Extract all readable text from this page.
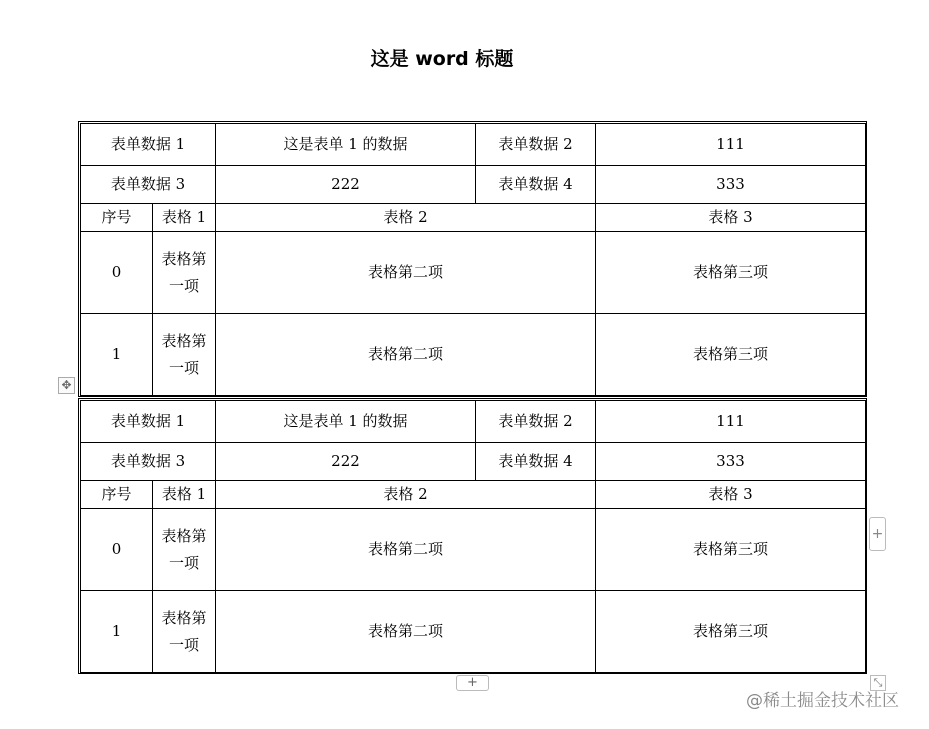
这是 word 标题
表单数据 1		这是表单 1 的数据	表单数据 2	111
表单数据 3		222	表单数据 4	333
序号	表格 1	表格 2		表格 3
0	表格第一项	表格第二项		表格第三项
1	表格第一项	表格第二项		表格第三项
表单数据 1		这是表单 1 的数据	表单数据 2	111
表单数据 3		222	表单数据 4	333
序号	表格 1	表格 2		表格 3
0	表格第一项	表格第二项		表格第三项
1	表格第一项	表格第二项		表格第三项
✥
+
+	⤡
@稀土掘金技术社区
